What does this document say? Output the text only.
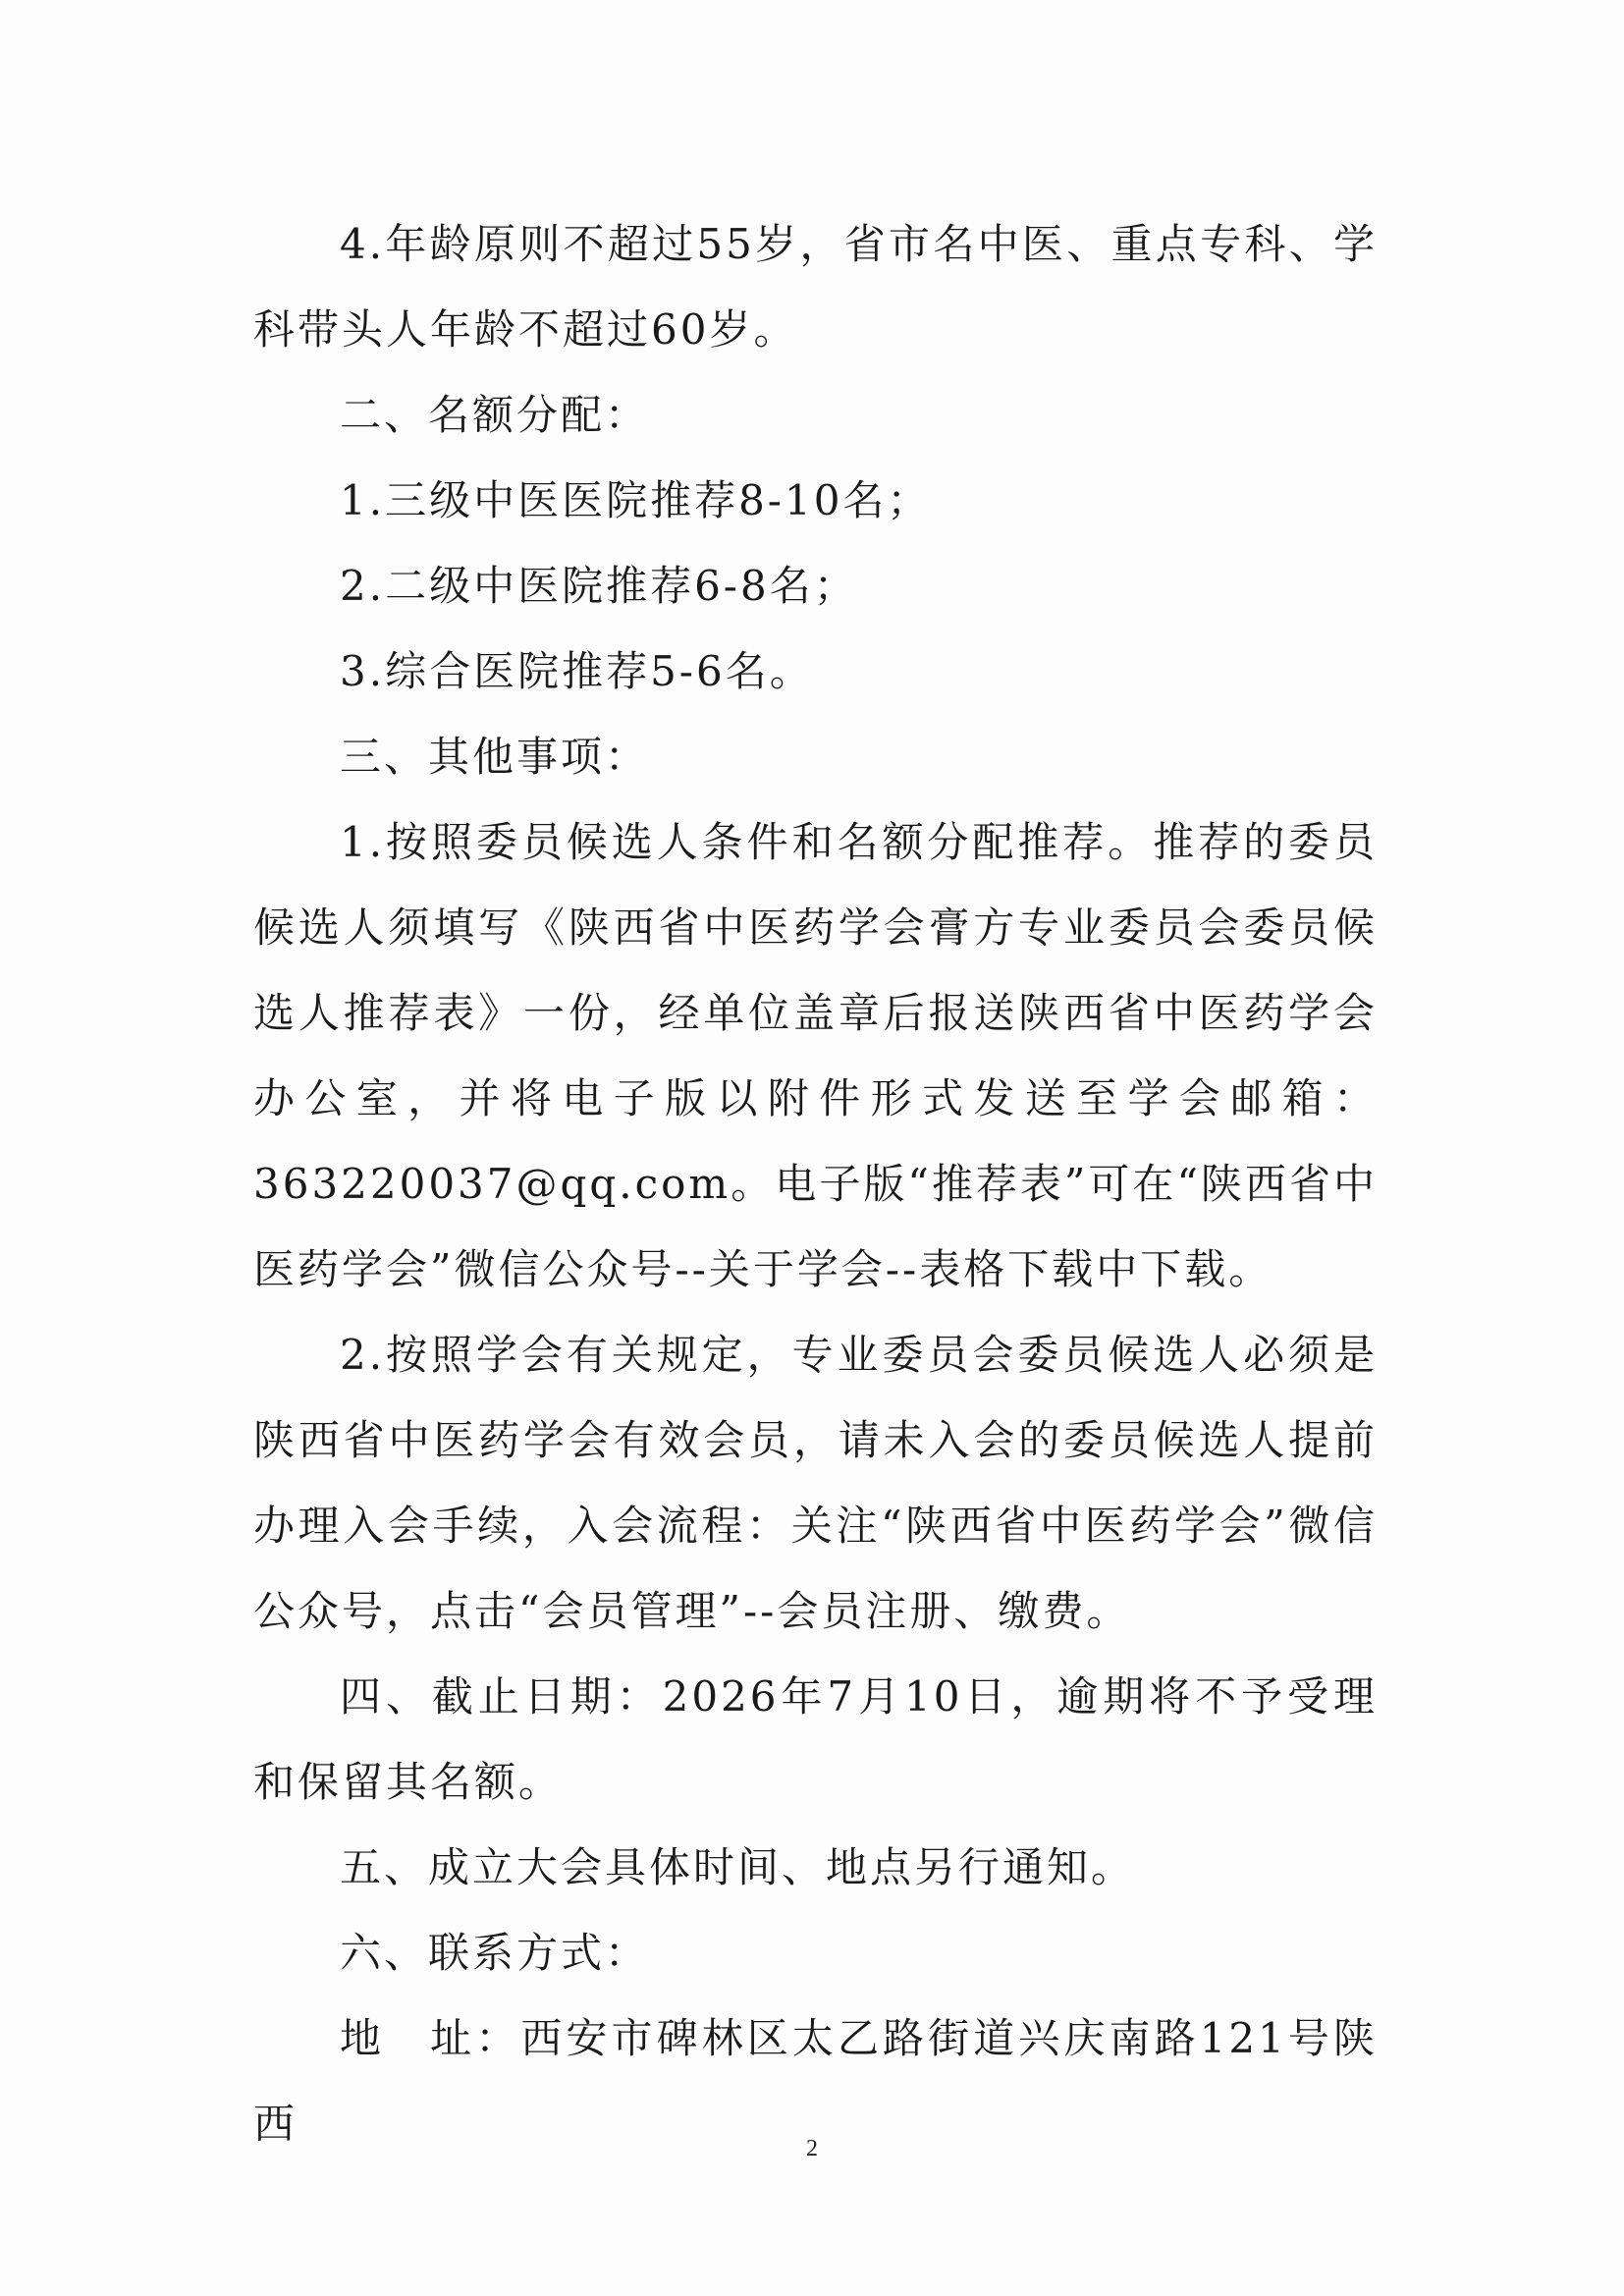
4.年龄原则不超过55岁，省市名中医、重点专科、学科带头人年龄不超过60岁。

二、名额分配：

1.三级中医医院推荐8-10名；

2.二级中医院推荐6-8名；

3.综合医院推荐5-6名。

三、其他事项：

1.按照委员候选人条件和名额分配推荐。推荐的委员候选人须填写《陕西省中医药学会膏方专业委员会委员候选人推荐表》一份，经单位盖章后报送陕西省中医药学会办公室，并将电子版以附件形式发送至学会邮箱：

363220037@qq.com。电子版“推荐表”可在“陕西省中医药学会”微信公众号--关于学会--表格下载中下载。

2.按照学会有关规定，专业委员会委员候选人必须是陕西省中医药学会有效会员，请未入会的委员候选人提前办理入会手续，入会流程：关注“陕西省中医药学会”微信公众号，点击“会员管理”--会员注册、缴费。

四、截止日期：2026年7月10日，逾期将不予受理和保留其名额。

五、成立大会具体时间、地点另行通知。

六、联系方式：

地　址：西安市碑林区太乙路街道兴庆南路121号陕西

2
